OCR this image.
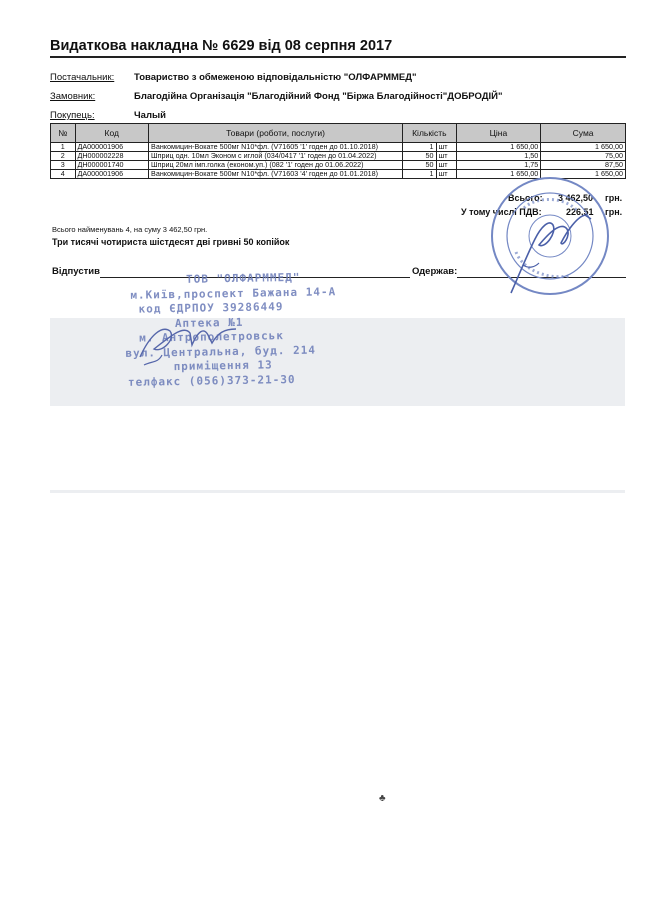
Видаткова накладна № 6629 від 08 серпня 2017
Постачальник: Товариство з обмеженою відповідальністю "ОЛФАРММЕД"
Замовник:	Благодійна Організація "Благодійний Фонд "Біржа Благодійності"ДОБРОДІЙ"
Покупець:	Чалый
№	Код	Товари (роботи, послуги)	Кількість		Ціна	Сума
1	ДА000001906	Ванкомицин-Вокате 500мг N10*фл. (V71605 '1' годен до 01.10.2018)	1	шт	1 650,00	1 650,00
2	ДН000002228	Шприц одн. 10мл Эконом с иглой (034/0417 '1' годен до 01.04.2022)	50	шт	1,50	75,00
3	ДН000001740	Шприц 20мл імп.голка (економ.уп.) (082 '1' годен до 01.06.2022)	50	шт	1,75	87,50
4	ДА000001906	Ванкомицин-Вокате 500мг N10*фл. (V71603 '4' годен до 01.01.2018)	1	шт	1 650,00	1 650,00
Всього: 3 462,50 грн.
У тому числі ПДВ:	226,51 грн.
Всього найменувань 4, на суму 3 462,50 грн.
Три тисячі чотириста шістдесят дві гривні 50 копійок
Відпустив	Одержав:
ТОВ "ОЛФАРММЕД"
м.Київ,проспект Бажана 14-А
код ЄДРПОУ 39286449
Аптека №1
м. Антрополетровськ
вул. Центральна, буд. 214
приміщення 13
телфакс (056)373-21-30
♣
